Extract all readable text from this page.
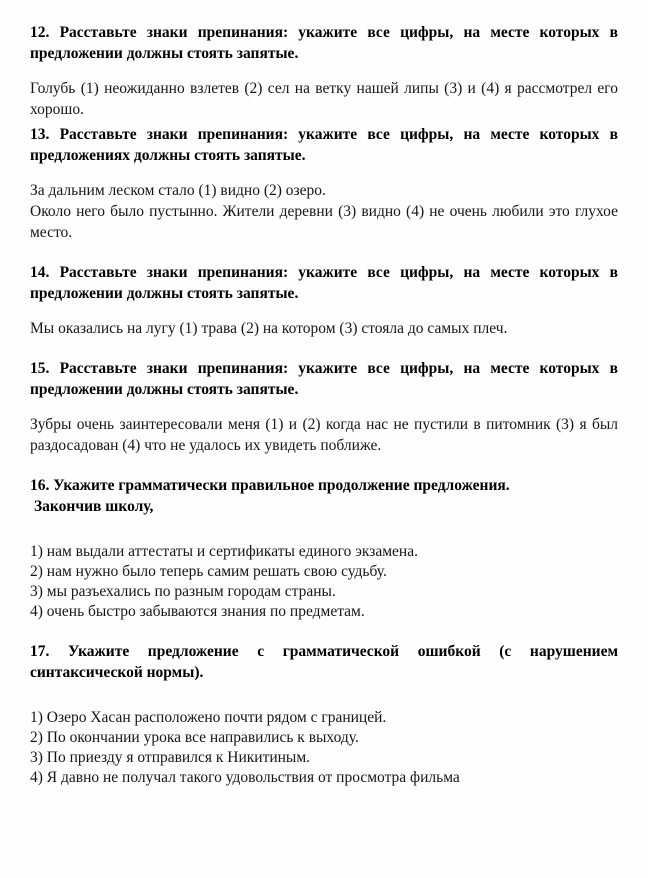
12. Расставьте знаки препинания: укажите все цифры, на месте которых в предложении должны стоять запятые.

Голубь (1) неожиданно взлетев (2) сел на ветку нашей липы (3) и (4) я рассмотрел его хорошо.

13. Расставьте знаки препинания: укажите все цифры, на месте которых в предложениях должны стоять запятые.

За дальним леском стало (1) видно (2) озеро.

Около него было пустынно. Жители деревни (3) видно (4) не очень любили это глухое место.

14. Расставьте знаки препинания: укажите все цифры, на месте которых в предложении должны стоять запятые.

Мы оказались на лугу (1) трава (2) на котором (3) стояла до самых плеч.

15. Расставьте знаки препинания: укажите все цифры, на месте которых в предложении должны стоять запятые.

Зубры очень заинтересовали меня (1) и (2) когда нас не пустили в питомник (3) я был раздосадован (4) что не удалось их увидеть поближе.

16. Укажите грамматически правильное продолжение предложения.

Закончив школу,

1) нам выдали аттестаты и сертификаты единого экзамена.

2) нам нужно было теперь самим решать свою судьбу.

3) мы разъехались по разным городам страны.

4) очень быстро забываются знания по предметам.

17. Укажите предложение с грамматической ошибкой (с нарушением синтаксической нормы).

1) Озеро Хасан расположено почти рядом с границей.

2) По окончании урока все направились к выходу.

3) По приезду я отправился к Никитиным.

4) Я давно не получал такого удовольствия от просмотра фильма
